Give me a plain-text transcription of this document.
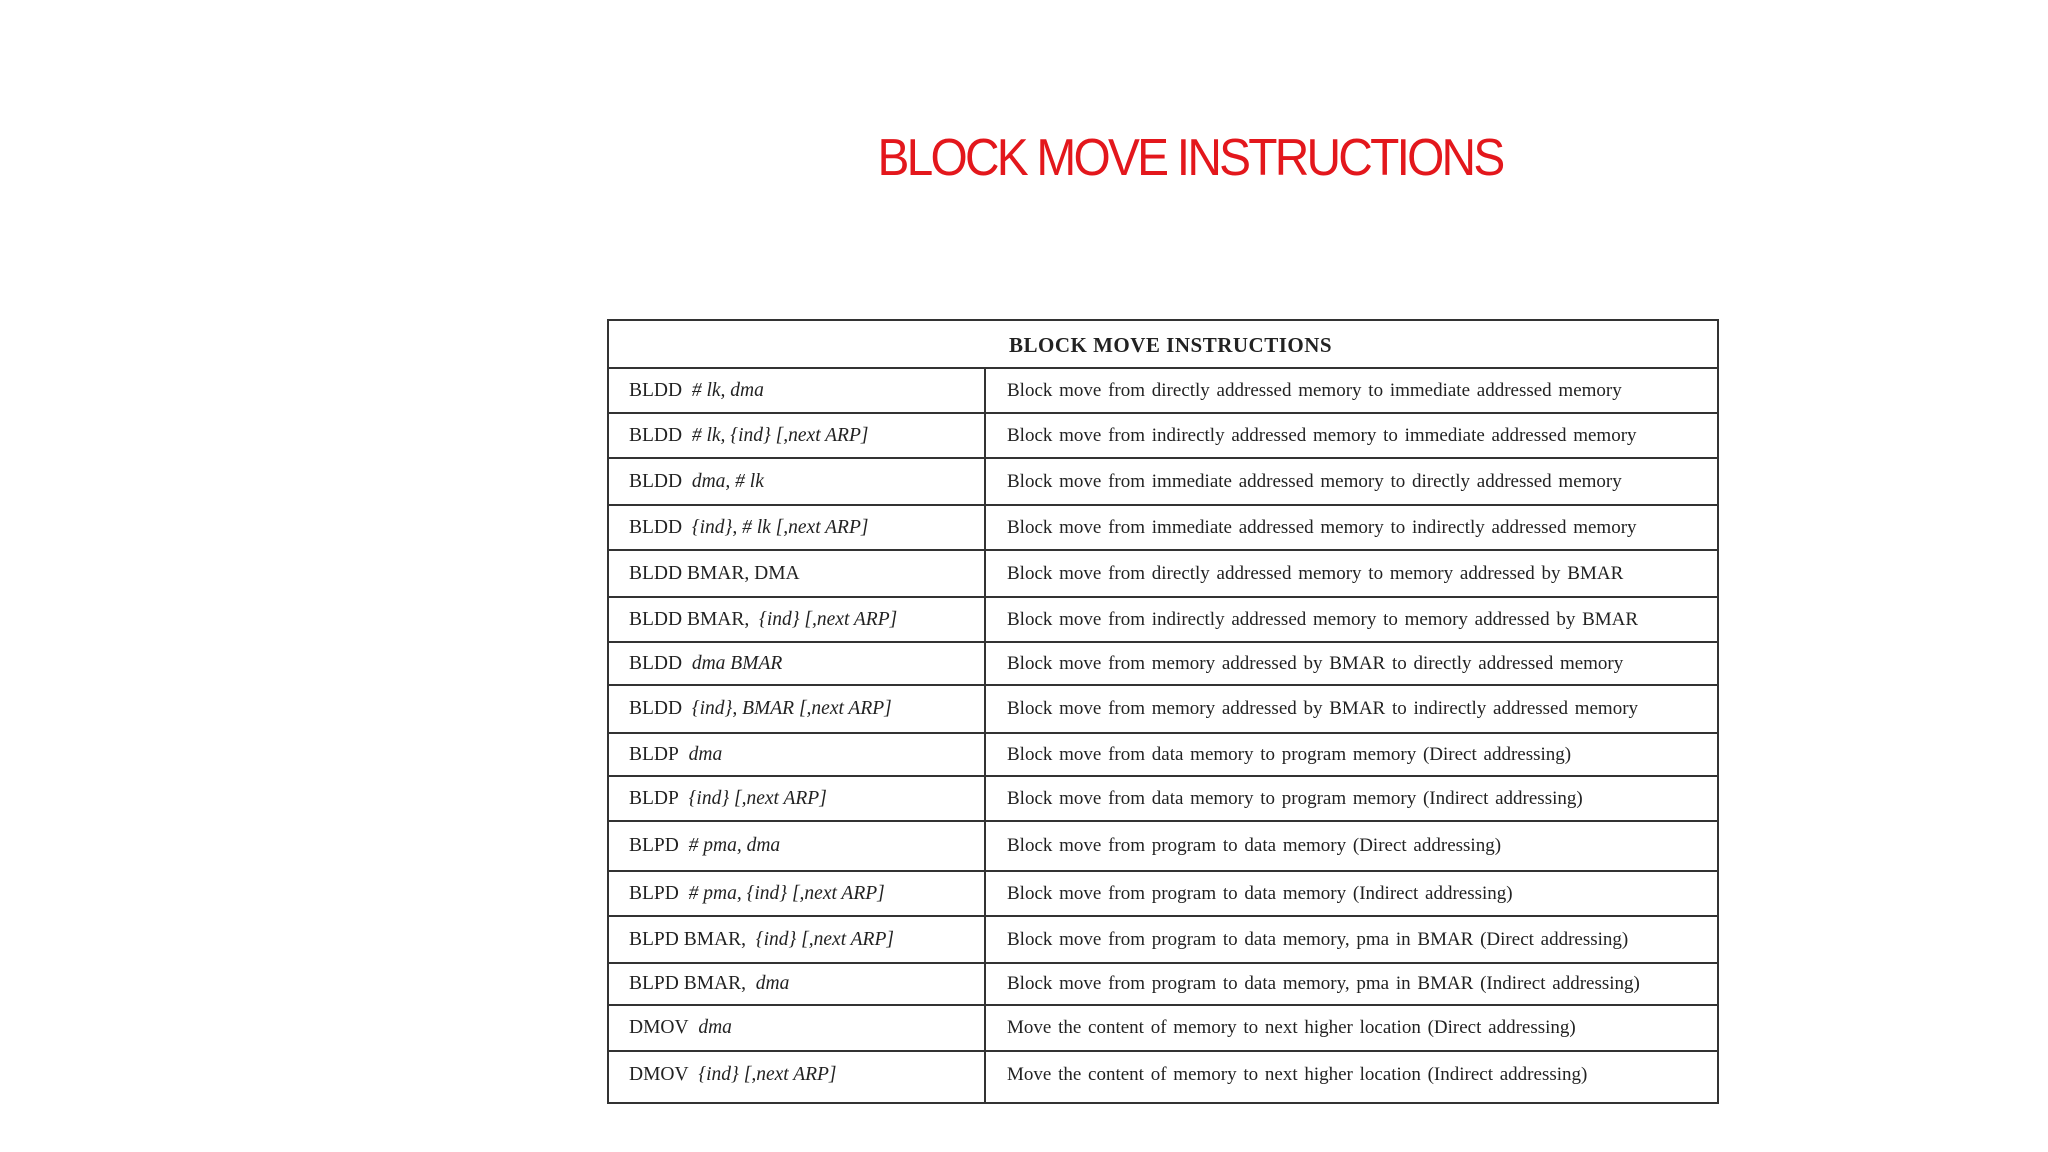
BLOCK MOVE INSTRUCTIONS
BLOCK MOVE INSTRUCTIONS
BLDD # lk, dma	Block move from directly addressed memory to immediate addressed memory
BLDD # lk, {ind} [,next ARP]	Block move from indirectly addressed memory to immediate addressed memory
BLDD dma, # lk	Block move from immediate addressed memory to directly addressed memory
BLDD {ind}, # lk [,next ARP]	Block move from immediate addressed memory to indirectly addressed memory
BLDD BMAR, DMA	Block move from directly addressed memory to memory addressed by BMAR
BLDD BMAR, {ind} [,next ARP]	Block move from indirectly addressed memory to memory addressed by BMAR
BLDD dma BMAR	Block move from memory addressed by BMAR to directly addressed memory
BLDD {ind}, BMAR [,next ARP]	Block move from memory addressed by BMAR to indirectly addressed memory
BLDP dma	Block move from data memory to program memory (Direct addressing)
BLDP {ind} [,next ARP]	Block move from data memory to program memory (Indirect addressing)
BLPD # pma, dma	Block move from program to data memory (Direct addressing)
BLPD # pma, {ind} [,next ARP]	Block move from program to data memory (Indirect addressing)
BLPD BMAR, {ind} [,next ARP]	Block move from program to data memory, pma in BMAR (Direct addressing)
BLPD BMAR, dma	Block move from program to data memory, pma in BMAR (Indirect addressing)
DMOV dma	Move the content of memory to next higher location (Direct addressing)
DMOV {ind} [,next ARP]	Move the content of memory to next higher location (Indirect addressing)
